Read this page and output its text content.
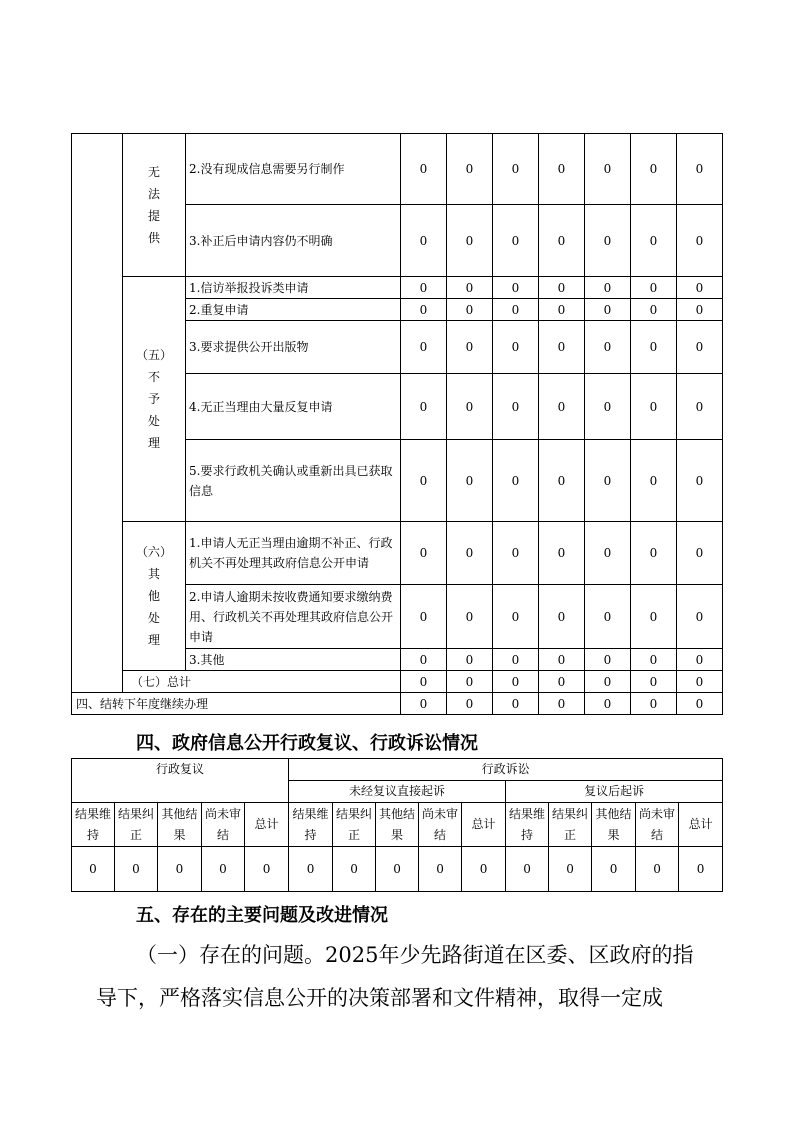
	无
法
提
供	2.没有现成信息需要另行制作	0	0	0	0	0	0	0
		3.补正后申请内容仍不明确	0	0	0	0	0	0	0

	（五）
不
予
处
理	1.信访举报投诉类申请	0	0	0	0	0	0	0
		2.重复申请	0	0	0	0	0	0	0
		3.要求提供公开出版物	0	0	0	0	0	0	0
		4.无正当理由大量反复申请	0	0	0	0	0	0	0
		5.要求行政机关确认或重新出具已获取信息	0	0	0	0	0	0	0

	（六）
其
他
处
理	1.申请人无正当理由逾期不补正、行政机关不再处理其政府信息公开申请	0	0	0	0	0	0	0
		2.申请人逾期未按收费通知要求缴纳费用、行政机关不再处理其政府信息公开申请	0	0	0	0	0	0	0
		3.其他	0	0	0	0	0	0	0
	（七）总计		0	0	0	0	0	0	0
四、结转下年度继续办理			0	0	0	0	0	0	0
四、政府信息公开行政复议、行政诉讼情况
行政复议					行政诉讼									
					未经复议直接起诉					复议后起诉				
结果维持	结果纠正	其他结果	尚未审结	总计	结果维持	结果纠正	其他结果	尚未审结	总计	结果维持	结果纠正	其他结果	尚未审结	总计
0	0	0	0	0	0	0	0	0	0	0	0	0	0	0
五、存在的主要问题及改进情况
（一）存在的问题。2025年少先路街道在区委、区政府的指
导下，严格落实信息公开的决策部署和文件精神，取得一定成
